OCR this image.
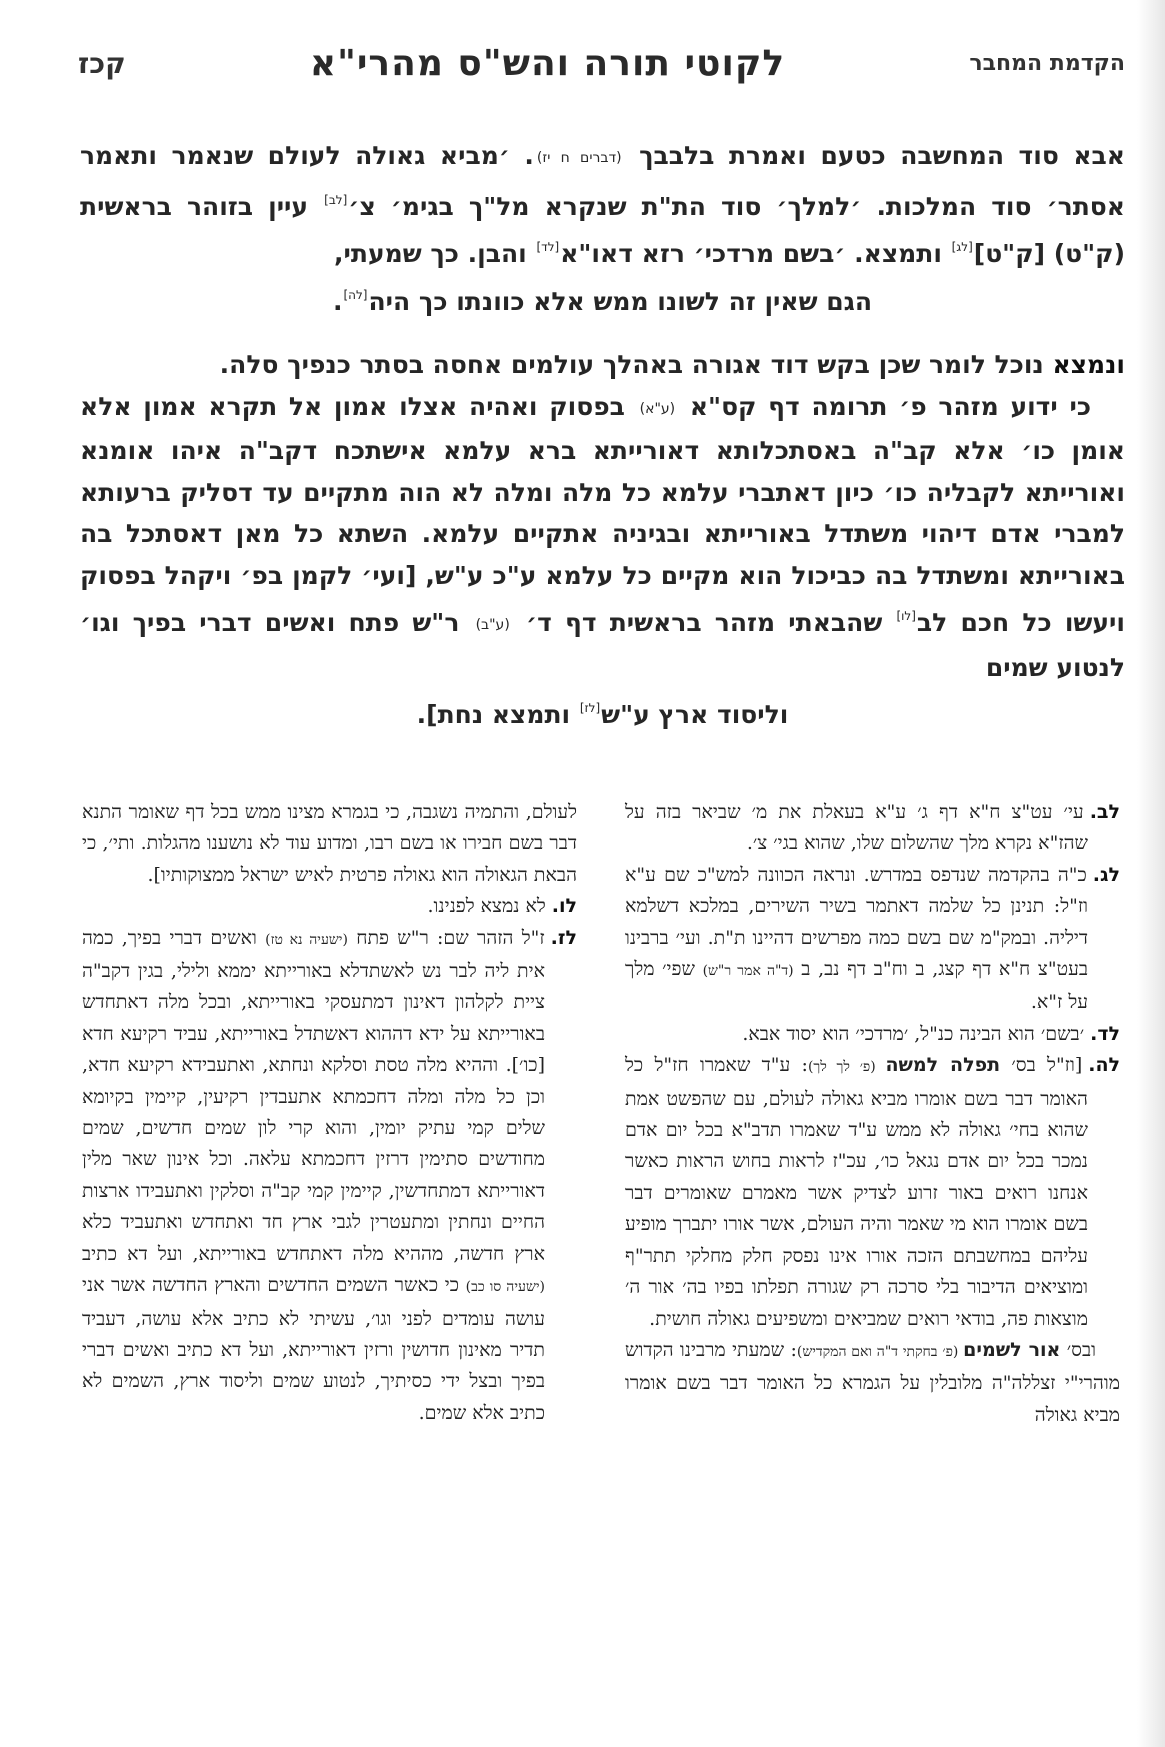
הקדמת המחבר
לקוטי תורה והש"ס מהרי"א
קכז

אבא סוד המחשבה כטעם ואמרת בלבבך (דברים ח יז). ׳מביא גאולה לעולם שנאמר ותאמר אסתר׳ סוד המלכות. ׳למלך׳ סוד הת"ת שנקרא מל"ך בגימ׳ צ׳[לב] עיין בזוהר בראשית (ק"ט) [ק"ט][לג] ותמצא. ׳בשם מרדכי׳ רזא דאו"א[לד] והבן. כך שמעתי,
הגם שאין זה לשונו ממש אלא כוונתו כך היה[לה].

ונמצא נוכל לומר שכן בקש דוד אגורה באהלך עולמים אחסה בסתר כנפיך סלה.
כי ידוע מזהר פ׳ תרומה דף קס"א (ע"א) בפסוק ואהיה אצלו אמון אל תקרא אמון אלא אומן כו׳ אלא קב"ה באסתכלותא דאורייתא ברא עלמא אישתכח דקב"ה איהו אומנא ואורייתא לקבליה כו׳ כיון דאתברי עלמא כל מלה ומלה לא הוה מתקיים עד דסליק ברעותא למברי אדם דיהוי משתדל באורייתא ובגיניה אתקיים עלמא. השתא כל מאן דאסתכל בה באורייתא ומשתדל בה כביכול הוא מקיים כל עלמא ע"כ ע"ש, [ועי׳ לקמן בפ׳ ויקהל בפסוק ויעשו כל חכם לב[לו] שהבאתי מזהר בראשית דף ד׳ (ע"ב) ר"ש פתח ואשים דברי בפיך וגו׳ לנטוע שמים
וליסוד ארץ ע"ש[לז] ותמצא נחת].

לב.עי׳ עט"צ ח"א דף ג׳ ע"א בעאלת את מ׳ שביאר בזה על שהז"א נקרא מלך שהשלום שלו, שהוא בגי׳ צ׳.

לג.כ"ה בהקדמה שנדפס במדרש. ונראה הכוונה למש"כ שם ע"א וז"ל: תנינן כל שלמה דאתמר בשיר השירים, במלכא דשלמא דיליה. ובמק"מ שם בשם כמה מפרשים דהיינו ת"ת. ועי׳ ברבינו בעט"צ ח"א דף קצג, ב וח"ב דף נב, ב (ד"ה אמר ר"ש) שפי׳ מלך על ז"א.

לד.׳בשם׳ הוא הבינה כנ"ל, ׳מרדכי׳ הוא יסוד אבא.

לה.[וז"ל בס׳ תפלה למשה (פ׳ לך לך): ע"ד שאמרו חז"ל כל האומר דבר בשם אומרו מביא גאולה לעולם, עם שהפשט אמת שהוא בחי׳ גאולה לא ממש ע"ד שאמרו תדב"א בכל יום אדם נמכר בכל יום אדם נגאל כו׳, עכ"ז לראות בחוש הראות כאשר אנחנו רואים באור זרוע לצדיק אשר מאמרם שאומרים דבר בשם אומרו הוא מי שאמר והיה העולם, אשר אורו יתברך מופיע עליהם במחשבתם הזכה אורו אינו נפסק חלק מחלקי תתר"ף ומוציאים הדיבור בלי סרכה רק שגורה תפלתו בפיו בה׳ אור ה׳ מוצאות פה, בודאי רואים שמביאים ומשפיעים גאולה חושית.

ובס׳ אור לשמים (פ׳ בחקתי ד"ה ואם המקדיש): שמעתי מרבינו הקדוש מוהרי"י זצללה"ה מלובלין על הגמרא כל האומר דבר בשם אומרו מביא גאולה

לעולם, והתמיה נשגבה, כי בגמרא מצינו ממש בכל דף שאומר התנא דבר בשם חבירו או בשם רבו, ומדוע עוד לא נושענו מהגלות. ותי׳, כי הבאת הגאולה הוא גאולה פרטית לאיש ישראל ממצוקותיו].

לו.לא נמצא לפנינו.

לז.ז"ל הזהר שם: ר"ש פתח (ישעיה נא טז) ואשים דברי בפיך, כמה אית ליה לבר נש לאשתדלא באורייתא יממא ולילי, בגין דקב"ה ציית לקלהון דאינון דמתעסקי באורייתא, ובכל מלה דאתחדש באורייתא על ידא דההוא דאשתדל באורייתא, עביד רקיעא חדא [כו׳]. וההיא מלה טסת וסלקא ונחתא, ואתעבידא רקיעא חדא, וכן כל מלה ומלה דחכמתא אתעבדין רקיעין, קיימין בקיומא שלים קמי עתיק יומין, והוא קרי לון שמים חדשים, שמים מחודשים סתימין דרזין דחכמתא עלאה. וכל אינון שאר מלין דאורייתא דמתחדשין, קיימין קמי קב"ה וסלקין ואתעבידו ארצות החיים ונחתין ומתעטרין לגבי ארץ חד ואתחדש ואתעביד כלא ארץ חדשה, מההיא מלה דאתחדש באורייתא, ועל דא כתיב (ישעיה סו כב) כי כאשר השמים החדשים והארץ החדשה אשר אני עושה עומדים לפני וגו׳, עשיתי לא כתיב אלא עושה, דעביד תדיר מאינון חדושין ורזין דאורייתא, ועל דא כתיב ואשים דברי בפיך ובצל ידי כסיתיך, לנטוע שמים וליסוד ארץ, השמים לא כתיב אלא שמים.
